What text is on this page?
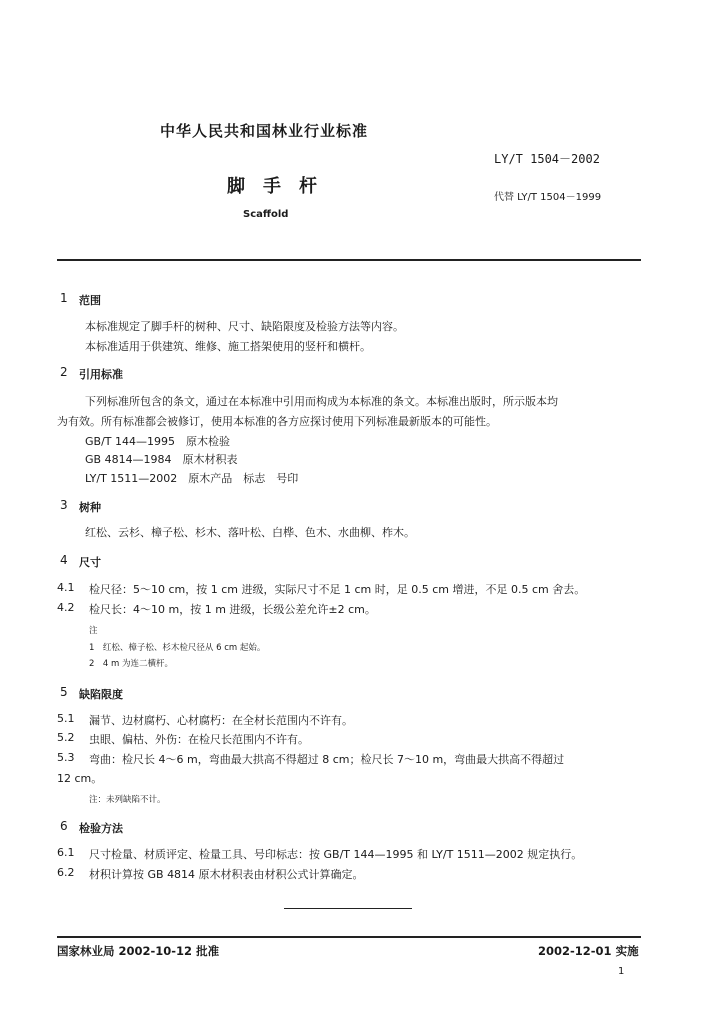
中华人民共和国林业行业标准
LY/T 1504－2002
脚手杆
代替 LY/T 1504－1999
Scaffold
1 范围
本标准规定了脚手杆的树种、尺寸、缺陷限度及检验方法等内容。
本标准适用于供建筑、维修、施工搭架使用的竖杆和横杆。
2 引用标准
下列标准所包含的条文，通过在本标准中引用而构成为本标准的条文。本标准出版时，所示版本均
为有效。所有标准都会被修订，使用本标准的各方应探讨使用下列标准最新版本的可能性。
GB/T 144—1995　原木检验
GB 4814—1984　原木材积表
LY/T 1511—2002　原木产品　标志　号印
3 树种
红松、云杉、樟子松、杉木、落叶松、白桦、色木、水曲柳、柞木。
4 尺寸
4.1 检尺径：5～10 cm，按 1 cm 进级，实际尺寸不足 1 cm 时，足 0.5 cm 增进，不足 0.5 cm 舍去。
4.2 检尺长：4～10 m，按 1 m 进级，长级公差允许±2 cm。
注
1　红松、樟子松、杉木检尺径从 6 cm 起始。
2　4 m 为连二横杆。
5 缺陷限度
5.1 漏节、边材腐朽、心材腐朽：在全材长范围内不许有。
5.2 虫眼、偏枯、外伤：在检尺长范围内不许有。
5.3 弯曲：检尺长 4～6 m，弯曲最大拱高不得超过 8 cm；检尺长 7～10 m，弯曲最大拱高不得超过
12 cm。
注：未列缺陷不计。
6 检验方法
6.1 尺寸检量、材质评定、检量工具、号印标志：按 GB/T 144—1995 和 LY/T 1511—2002 规定执行。
6.2 材积计算按 GB 4814 原木材积表由材积公式计算确定。
国家林业局 2002-10-12 批准	2002-12-01 实施
1
